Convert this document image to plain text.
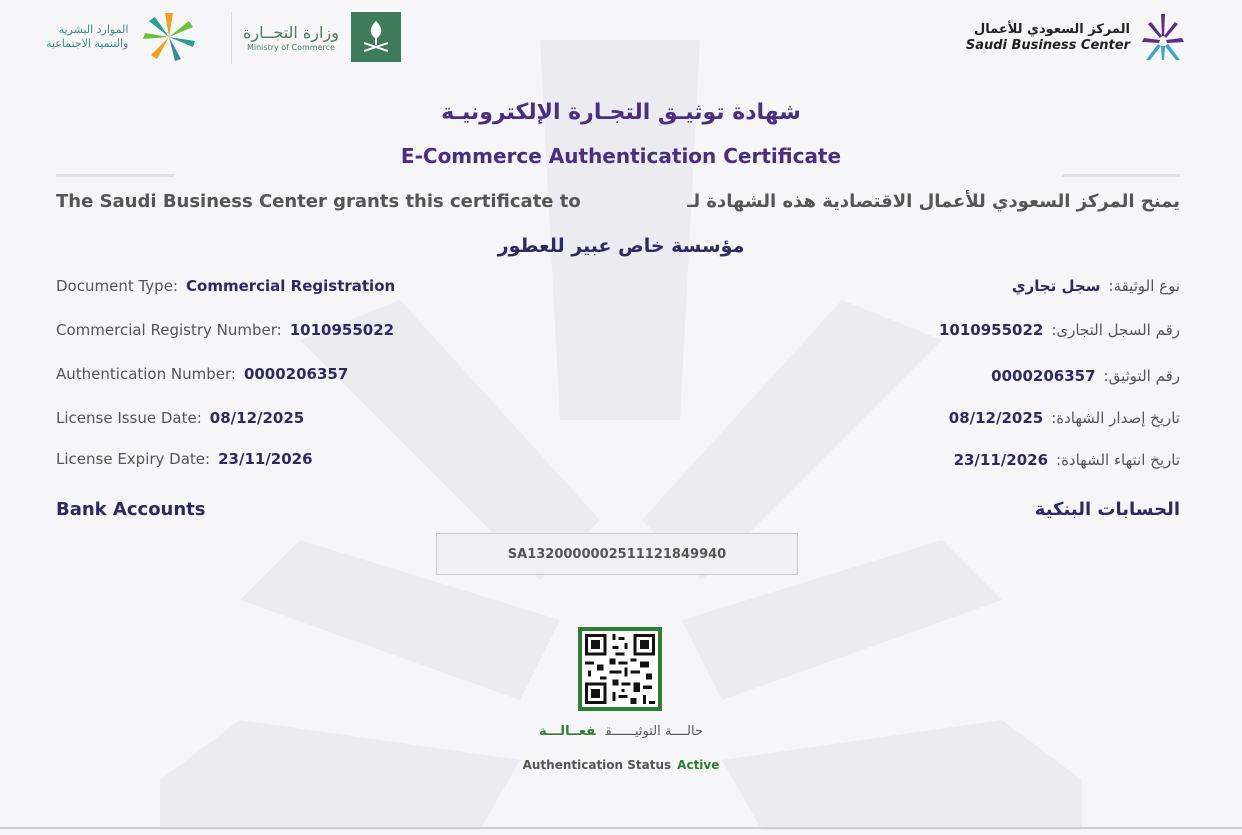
الموارد البشرية
والتنمية الاجتماعية
وزارة التجــارة
Ministry of Commerce
المركز السعودي للأعمال
Saudi Business Center
شهادة توثيـق التجـارة الإلكترونيـة
E-Commerce Authentication Certificate
The Saudi Business Center grants this certificate to	يمنح المركز السعودي للأعمال الاقتصادية هذه الشهادة لـ
مؤسسة خاص عبير للعطور
Document Type: Commercial Registration
Commercial Registry Number: 1010955022
Authentication Number: 0000206357
License Issue Date: 08/12/2025
License Expiry Date: 23/11/2026
نوع الوثيقة:سجل تجاري
رقم السجل التجارى:1010955022
رقم التوثيق:0000206357
تاريخ إصدار الشهادة:08/12/2025
تاريخ انتهاء الشهادة:23/11/2026
Bank Accounts	الحسابات البنكية
SA1320000002511121849940
حالــــة التوثيــــــقفعــالـــة
Authentication Status Active
